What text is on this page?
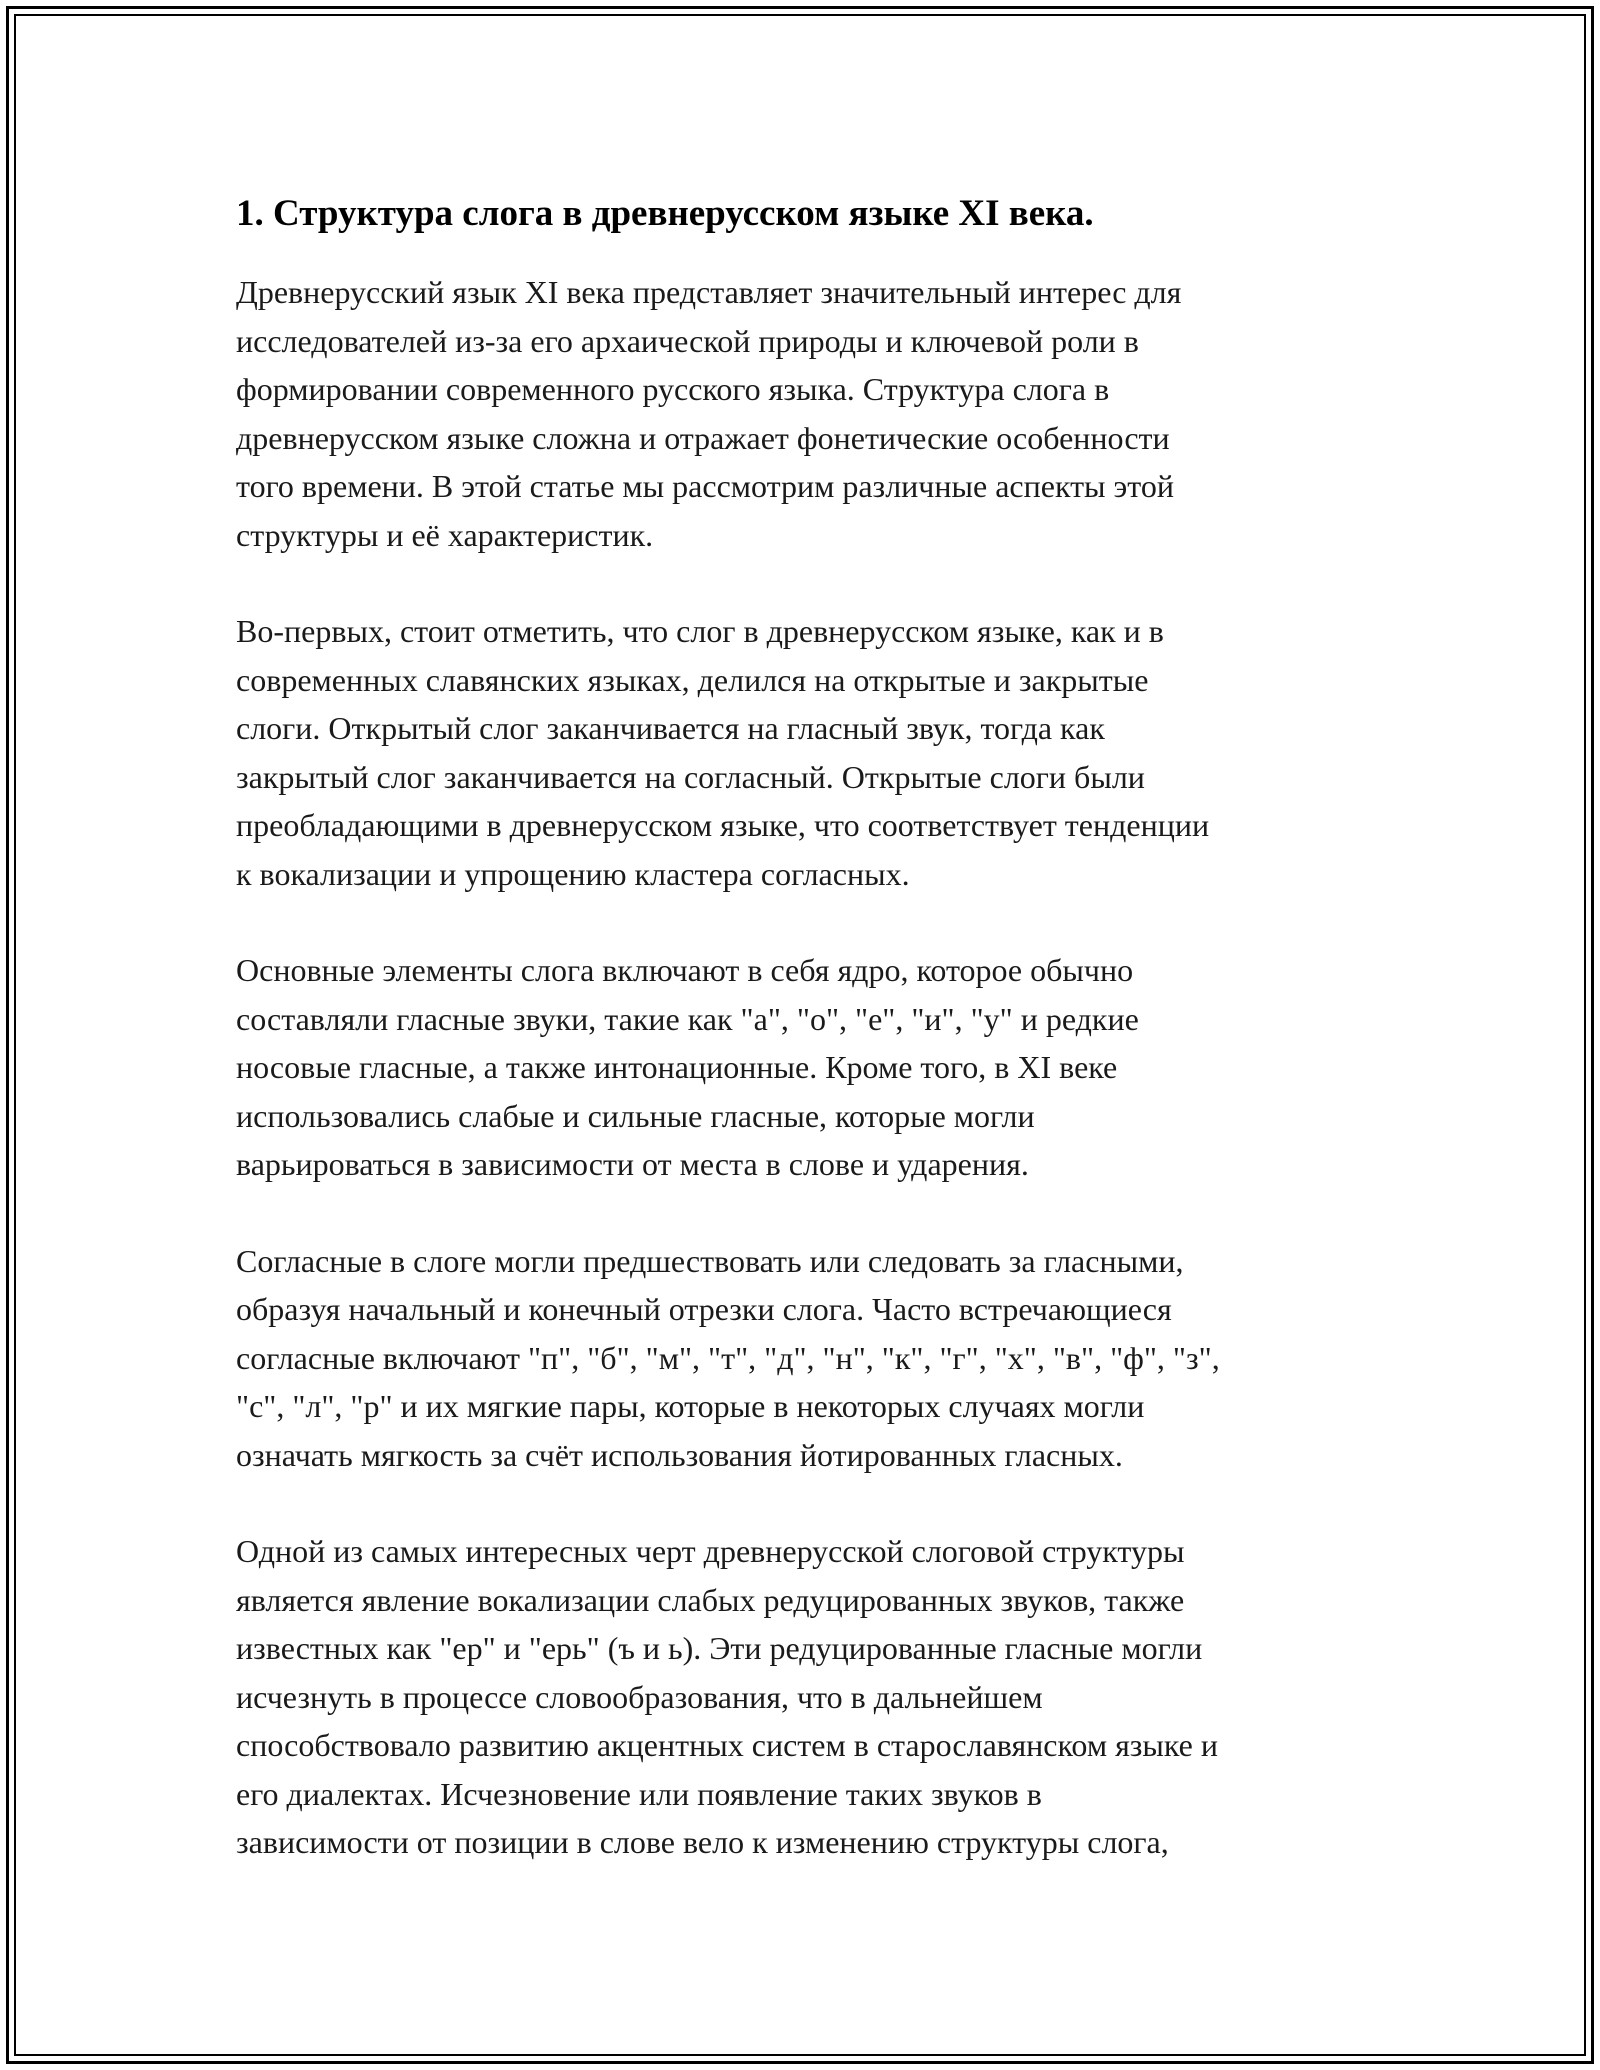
1. Структура слога в древнерусском языке XI века.

Древнерусский язык XI века представляет значительный интерес для
исследователей из-за его архаической природы и ключевой роли в
формировании современного русского языка. Структура слога в
древнерусском языке сложна и отражает фонетические особенности
того времени. В этой статье мы рассмотрим различные аспекты этой
структуры и её характеристик.

Во-первых, стоит отметить, что слог в древнерусском языке, как и в
современных славянских языках, делился на открытые и закрытые
слоги. Открытый слог заканчивается на гласный звук, тогда как
закрытый слог заканчивается на согласный. Открытые слоги были
преобладающими в древнерусском языке, что соответствует тенденции
к вокализации и упрощению кластера согласных.

Основные элементы слога включают в себя ядро, которое обычно
составляли гласные звуки, такие как "а", "о", "е", "и", "у" и редкие
носовые гласные, а также интонационные. Кроме того, в XI веке
использовались слабые и сильные гласные, которые могли
варьироваться в зависимости от места в слове и ударения.

Согласные в слоге могли предшествовать или следовать за гласными,
образуя начальный и конечный отрезки слога. Часто встречающиеся
согласные включают "п", "б", "м", "т", "д", "н", "к", "г", "х", "в", "ф", "з",
"с", "л", "р" и их мягкие пары, которые в некоторых случаях могли
означать мягкость за счёт использования йотированных гласных.

Одной из самых интересных черт древнерусской слоговой структуры
является явление вокализации слабых редуцированных звуков, также
известных как "ер" и "ерь" (ъ и ь). Эти редуцированные гласные могли
исчезнуть в процессе словообразования, что в дальнейшем
способствовало развитию акцентных систем в старославянском языке и
его диалектах. Исчезновение или появление таких звуков в
зависимости от позиции в слове вело к изменению структуры слога,
